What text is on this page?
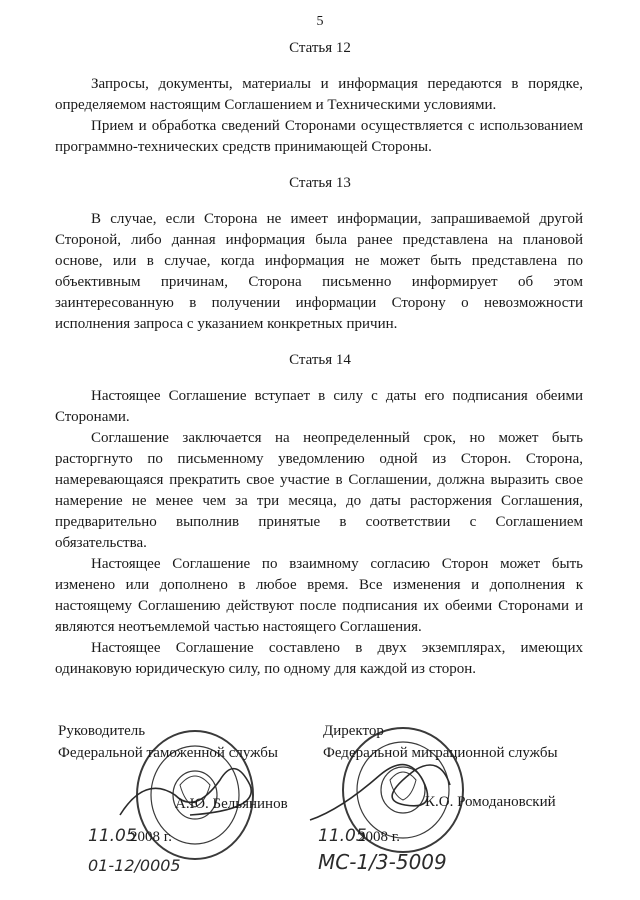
5
Статья 12

Запросы, документы, материалы и информация передаются в порядке, определяемом настоящим Соглашением и Техническими условиями.

Прием и обработка сведений Сторонами осуществляется с использованием программно-технических средств принимающей Стороны.

Статья 13

В случае, если Сторона не имеет информации, запрашиваемой другой Стороной, либо данная информация была ранее представлена на плановой основе, или в случае, когда информация не может быть представлена по объективным причинам, Сторона письменно информирует об этом заинтересованную в получении информации Сторону о невозможности исполнения запроса с указанием конкретных причин.

Статья 14

Настоящее Соглашение вступает в силу с даты его подписания обеими Сторонами.

Соглашение заключается на неопределенный срок, но может быть расторгнуто по письменному уведомлению одной из Сторон. Сторона, намеревающаяся прекратить свое участие в Соглашении, должна выразить свое намерение не менее чем за три месяца, до даты расторжения Соглашения, предварительно выполнив принятые в соответствии с Соглашением обязательства.

Настоящее Соглашение по взаимному согласию Сторон может быть изменено или дополнено в любое время. Все изменения и дополнения к настоящему Соглашению действуют после подписания их обеими Сторонами и являются неотъемлемой частью настоящего Соглашения.

Настоящее Соглашение составлено в двух экземплярах, имеющих одинаковую юридическую силу, по одному для каждой из сторон.

Руководитель
Федеральной таможенной службы
А.Ю. Бельянинов
11.05
2008 г.
01-12/0005
Директор
Федеральной миграционной службы
К.О. Ромодановский
11.05
2008 г.
МС-1/3-5009
